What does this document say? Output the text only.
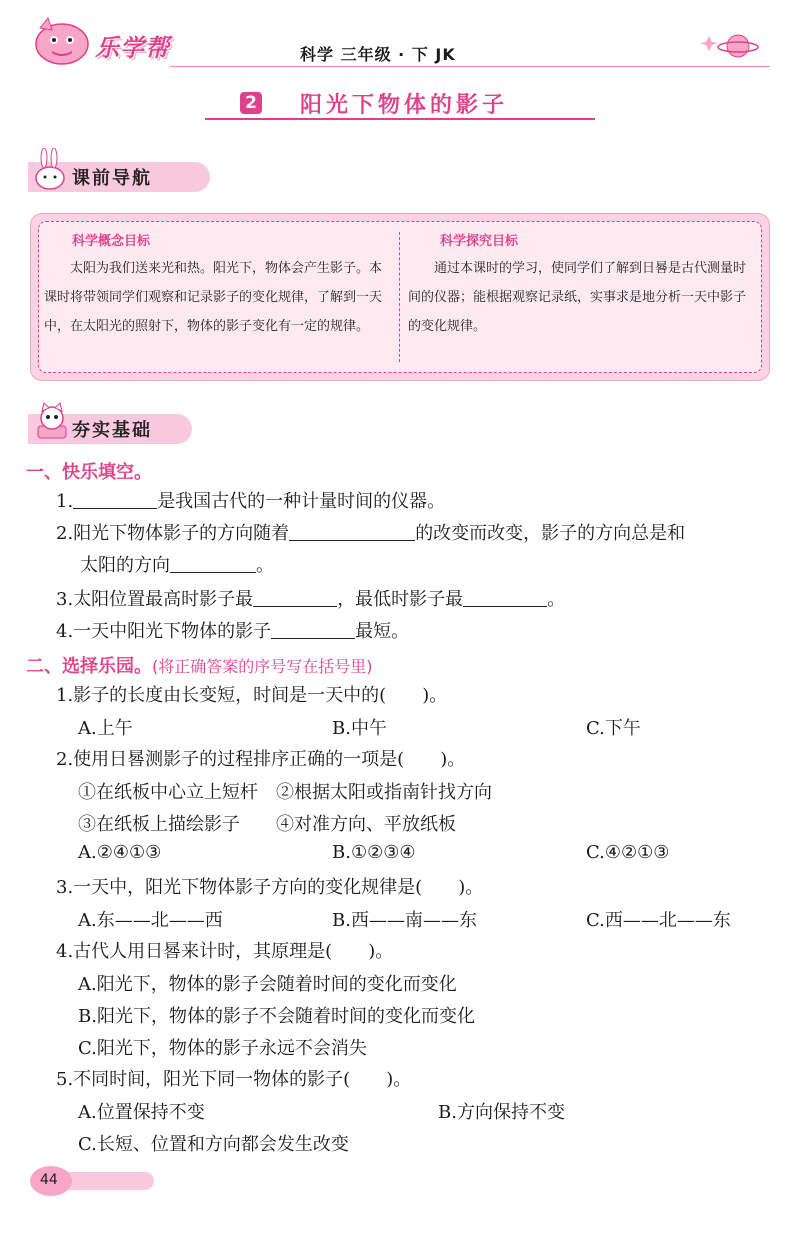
乐学帮	科学 三年级 · 下 JK
2 阳光下物体的影子
课前导航
科学概念目标
太阳为我们送来光和热。阳光下，物体会产生影子。本课时将带领同学们观察和记录影子的变化规律，了解到一天中，在太阳光的照射下，物体的影子变化有一定的规律。
科学探究目标
通过本课时的学习，使同学们了解到日晷是古代测量时间的仪器；能根据观察记录纸，实事求是地分析一天中影子的变化规律。
夯实基础
一、快乐填空。
1.	是我国古代的一种计量时间的仪器。
2.阳光下物体影子的方向随着	的改变而改变，影子的方向总是和
太阳的方向	。
3.太阳位置最高时影子最	，最低时影子最	。
4.一天中阳光下物体的影子	最短。
二、选择乐园。(将正确答案的序号写在括号里)
1.影子的长度由长变短，时间是一天中的(　　)。
A.上午	B.中午	C.下午
2.使用日晷测影子的过程排序正确的一项是(　　)。
①在纸板中心立上短杆　②根据太阳或指南针找方向
③在纸板上描绘影子　　④对准方向、平放纸板
A.②④①③	B.①②③④	C.④②①③
3.一天中，阳光下物体影子方向的变化规律是(　　)。
A.东——北——西	B.西——南——东	C.西——北——东
4.古代人用日晷来计时，其原理是(　　)。
A.阳光下，物体的影子会随着时间的变化而变化
B.阳光下，物体的影子不会随着时间的变化而变化
C.阳光下，物体的影子永远不会消失
5.不同时间，阳光下同一物体的影子(　　)。
A.位置保持不变	B.方向保持不变
C.长短、位置和方向都会发生改变
44
